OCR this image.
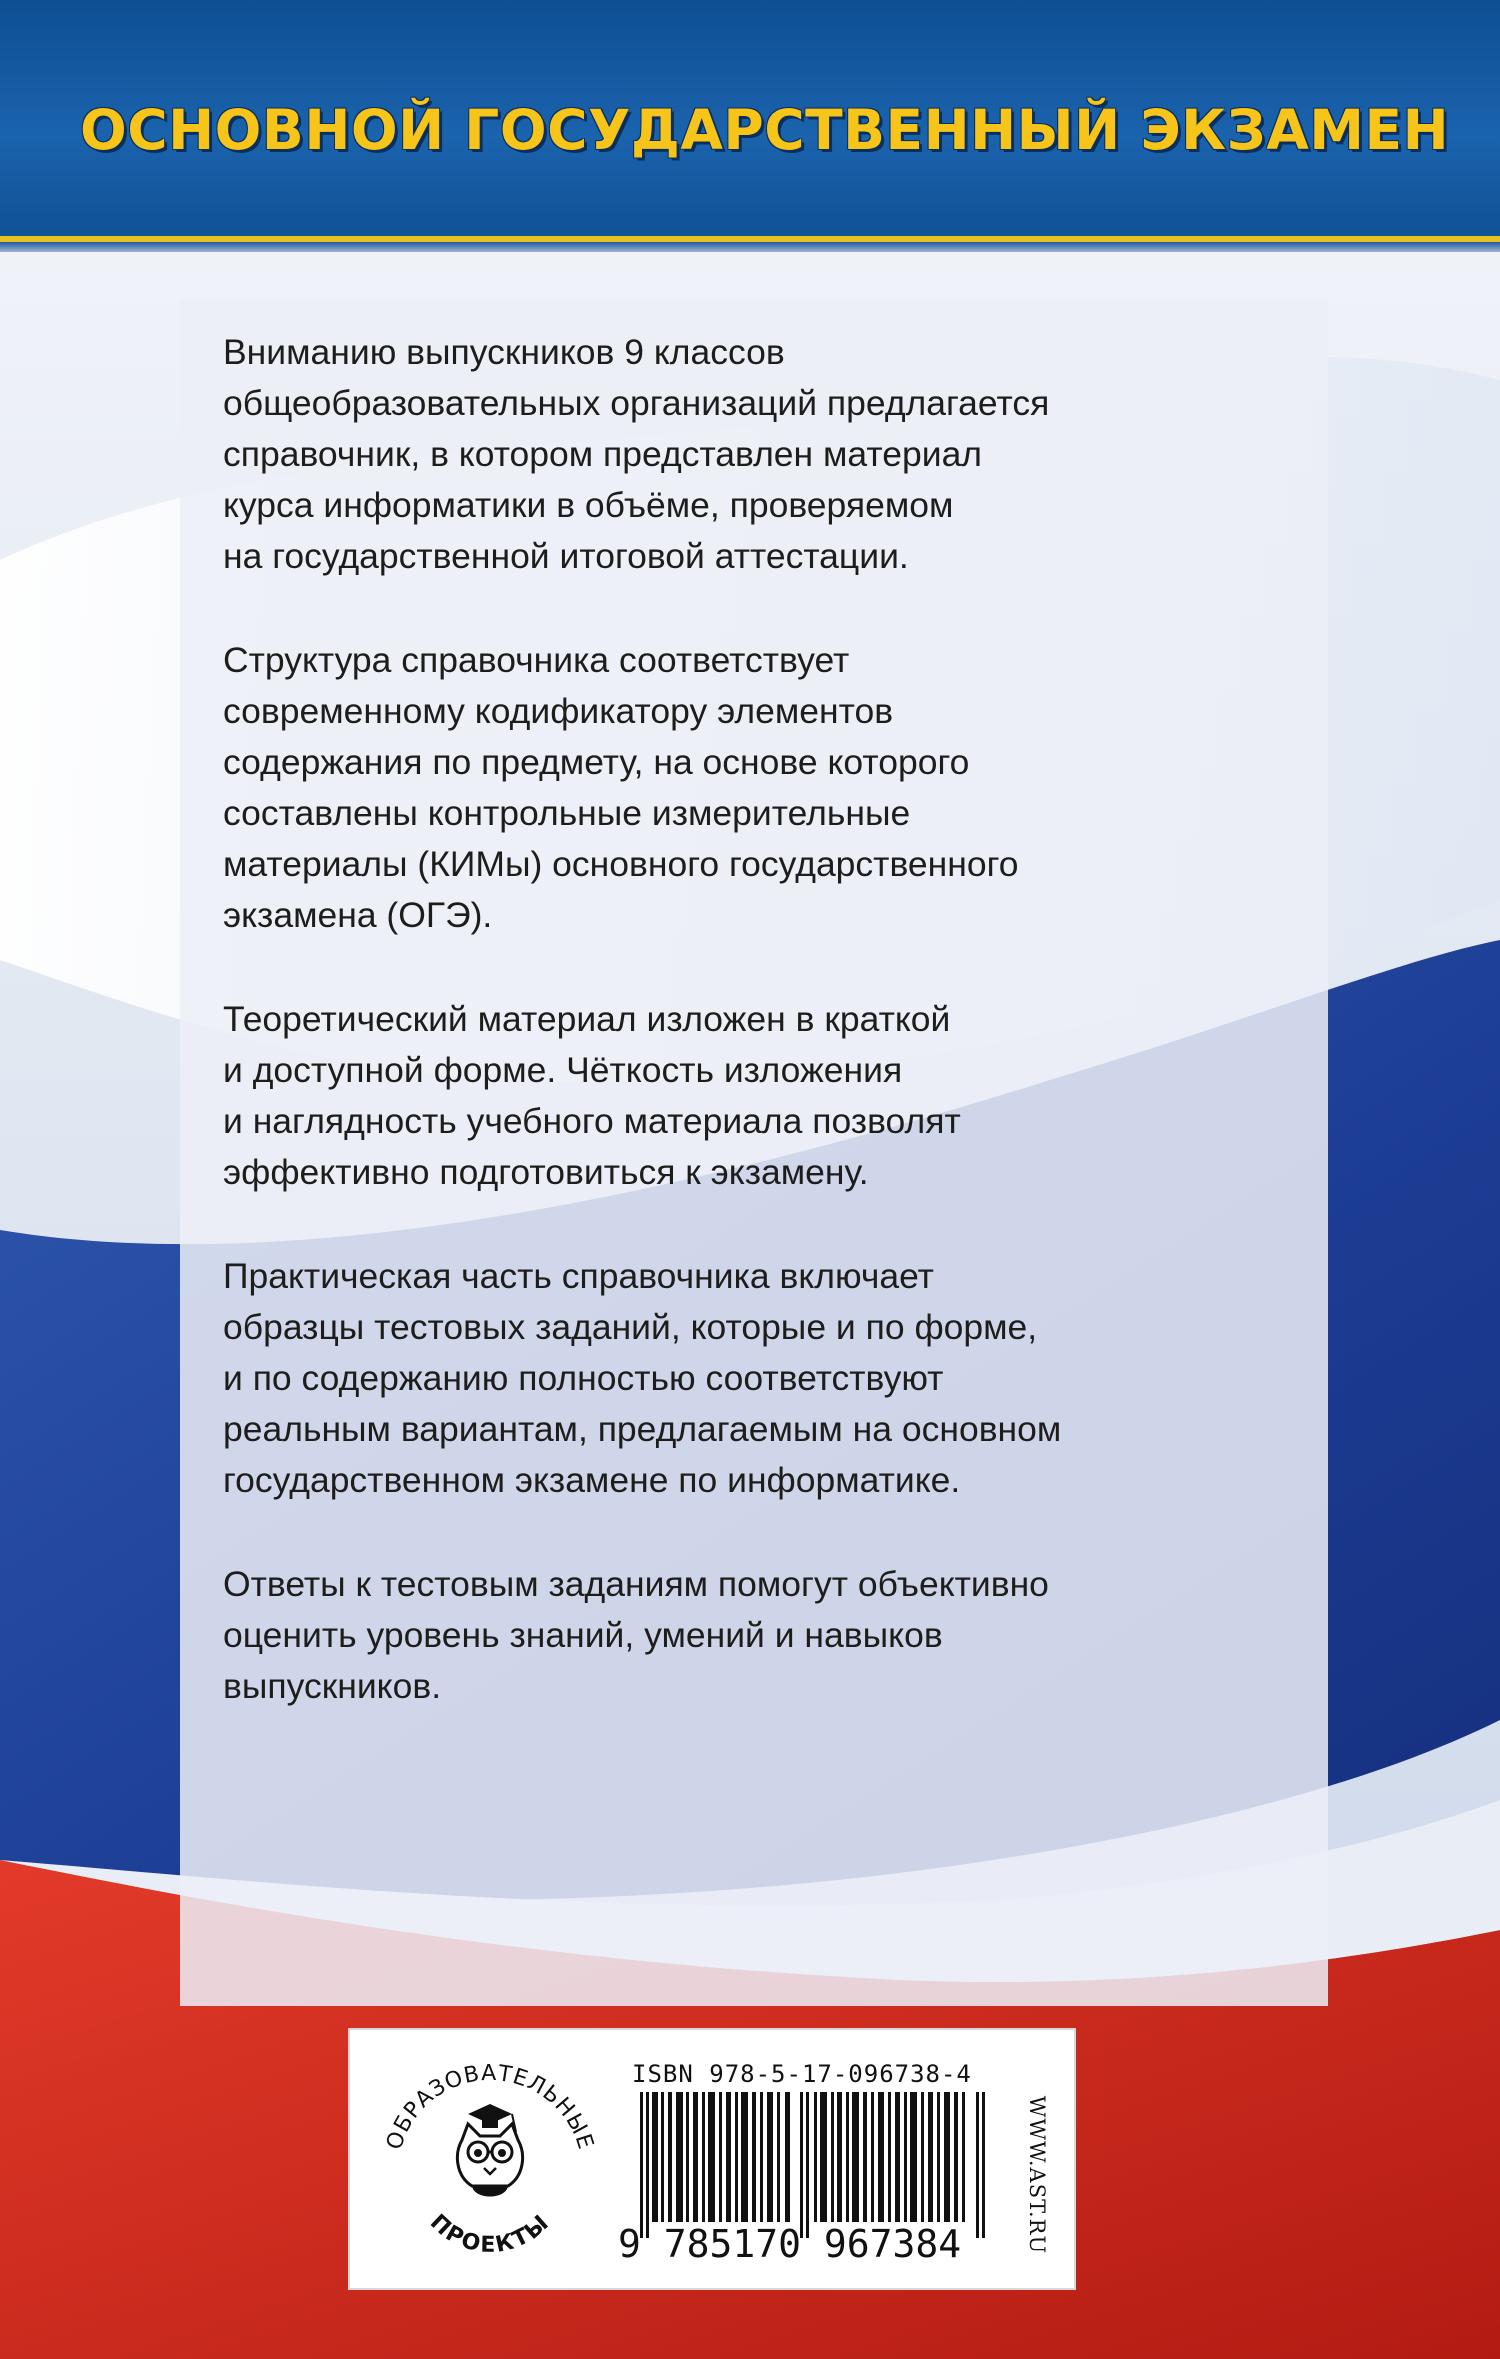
ОСНОВНОЙ ГОСУДАРСТВЕННЫЙ ЭКЗАМЕН

Вниманию выпускников 9 классов
общеобразовательных организаций предлагается
справочник, в котором представлен материал
курса информатики в объёме, проверяемом
на государственной итоговой аттестации.

Структура справочника соответствует
современному кодификатору элементов
содержания по предмету, на основе которого
составлены контрольные измерительные
материалы (КИМы) основного государственного
экзамена (ОГЭ).

Теоретический материал изложен в краткой
и доступной форме. Чёткость изложения
и наглядность учебного материала позволят
эффективно подготовиться к экзамену.

Практическая часть справочника включает
образцы тестовых заданий, которые и по форме,
и по содержанию полностью соответствуют
реальным вариантам, предлагаемым на основном
государственном экзамене по информатике.

Ответы к тестовым заданиям помогут объективно
оценить уровень знаний, умений и навыков
выпускников.

ОБРАЗОВАТЕЛЬНЫЕ
ПРОЕКТЫ
ISBN 978-5-17-096738-4
9 785170 967384	WWW.AST.RU
